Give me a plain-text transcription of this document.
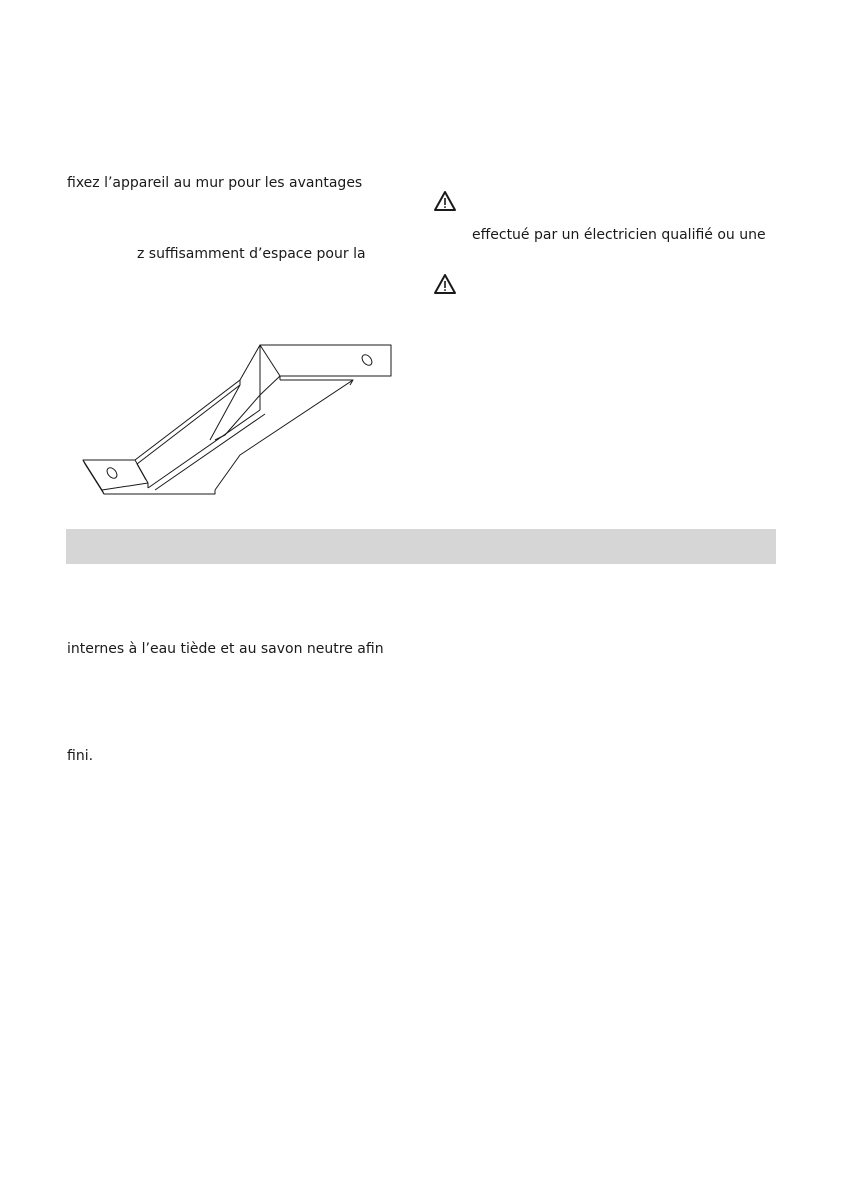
fixez l’appareil au mur pour les avantages
z suffisamment d’espace pour la
effectué par un électricien qualifié ou une
internes à l’eau tiède et au savon neutre afin
fini.
